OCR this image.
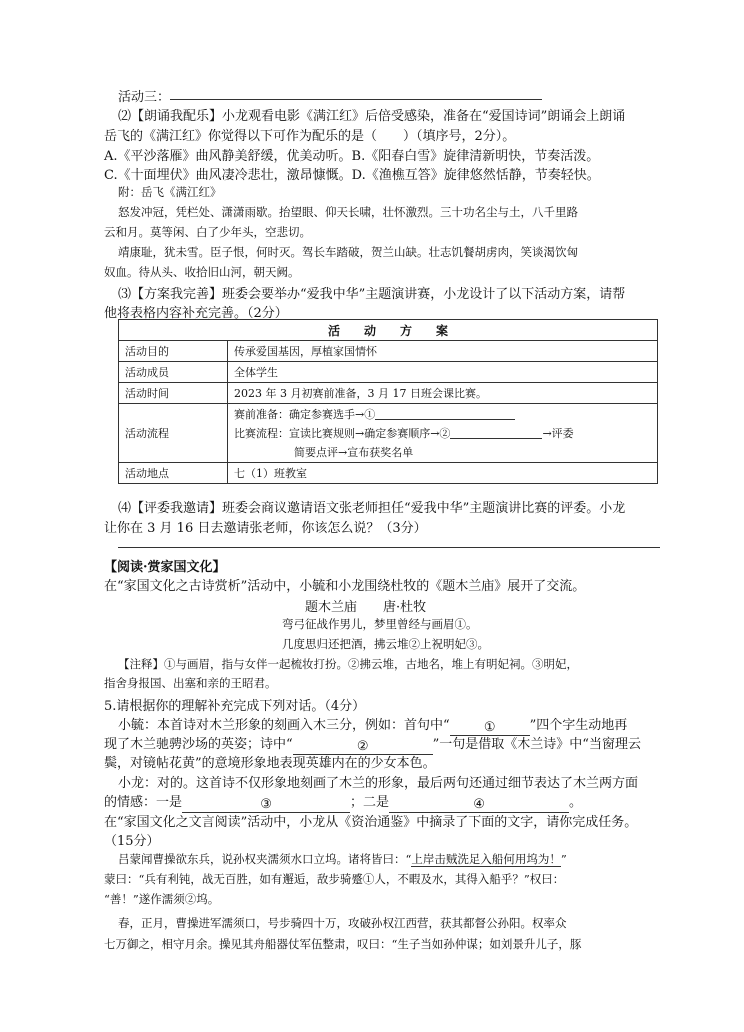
活动三：
⑵【朗诵我配乐】小龙观看电影《满江红》后倍受感染，准备在“爱国诗词”朗诵会上朗诵
岳飞的《满江红》你觉得以下可作为配乐的是（　　）（填序号，2分）。
A.《平沙落雁》曲风静美舒缓，优美动听。B.《阳春白雪》旋律清新明快，节奏活泼。
C.《十面埋伏》曲风凄冷悲壮，激昂慷慨。D.《渔樵互答》旋律悠然恬静，节奏轻快。
附：岳飞《满江红》
怒发冲冠，凭栏处、潇潇雨歇。抬望眼、仰天长啸，壮怀激烈。三十功名尘与土，八千里路
云和月。莫等闲、白了少年头，空悲切。
靖康耻，犹未雪。臣子恨，何时灭。驾长车踏破，贺兰山缺。壮志饥餐胡虏肉，笑谈渴饮匈
奴血。待从头、收拾旧山河，朝天阙。
⑶【方案我完善】班委会要举办“爱我中华”主题演讲赛，小龙设计了以下活动方案，请帮
他将表格内容补充完善。（2分）
活　　动　　方　　案	
活动目的	传承爱国基因，厚植家国情怀
活动成员	全体学生
活动时间	2023 年 3 月初赛前准备，3 月 17 日班会课比赛。
活动流程	赛前准备：确定参赛选手→①
比赛流程：宣读比赛规则→确定参赛顺序→② →评委
简要点评→宣布获奖名单

活动地点	七（1）班教室
⑷【评委我邀请】班委会商议邀请语文张老师担任“爱我中华”主题演讲比赛的评委。小龙
让你在 3 月 16 日去邀请张老师，你该怎么说？（3分）
【阅读·赏家国文化】
在“家国文化之古诗赏析”活动中，小毓和小龙围绕杜牧的《题木兰庙》展开了交流。
题木兰庙　　唐·杜牧
弯弓征战作男儿，梦里曾经与画眉①。
几度思归还把酒，拂云堆②上祝明妃③。
【注释】①与画眉，指与女伴一起梳妆打扮。②拂云堆，古地名，堆上有明妃祠。③明妃，
指舍身报国、出塞和亲的王昭君。
5.请根据你的理解补充完成下列对话。（4分）
小毓：本首诗对木兰形象的刻画入木三分，例如：首句中“	①	”四个字生动地再
现了木兰驰骋沙场的英姿；诗中“	②	”一句是借取《木兰诗》中“当窗理云
鬓，对镜帖花黄”的意境形象地表现英雄内在的少女本色。
小龙：对的。这首诗不仅形象地刻画了木兰的形象，最后两句还通过细节表达了木兰两方面
的情感：一是	③	；二是	④	。
在“家国文化之文言阅读”活动中，小龙从《资治通鉴》中摘录了下面的文字，请你完成任务。
（15分）
吕蒙闻曹操欲东兵，说孙权夹濡须水口立坞。诸将皆曰：“上岸击贼洗足入船何用坞为！”
蒙曰：“兵有利钝，战无百胜，如有邂逅，敌步骑蹙①人，不暇及水，其得入船乎？”权曰：
“善！”遂作濡须②坞。
春，正月，曹操进军濡须口，号步骑四十万，攻破孙权江西营，获其都督公孙阳。权率众
七万御之，相守月余。操见其舟船器仗军伍整肃，叹曰：“生子当如孙仲谋；如刘景升儿子，豚
